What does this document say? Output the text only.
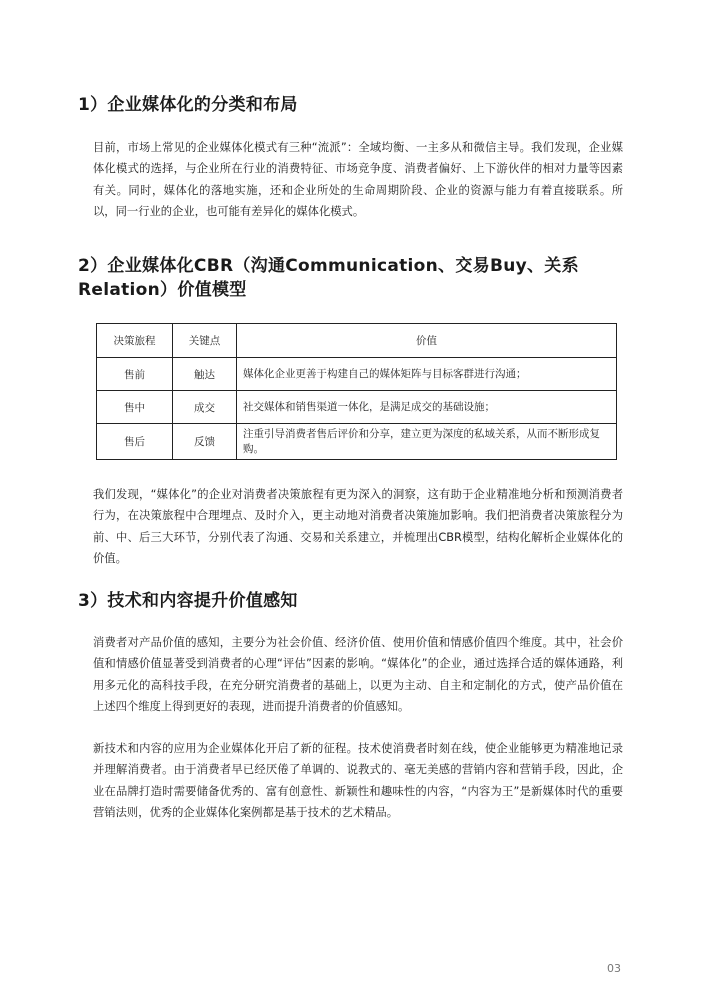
1）企业媒体化的分类和布局
目前，市场上常见的企业媒体化模式有三种“流派”：全域均衡、一主多从和微信主导。我们发现，企业媒体化模式的选择，与企业所在行业的消费特征、市场竞争度、消费者偏好、上下游伙伴的相对力量等因素有关。同时，媒体化的落地实施，还和企业所处的生命周期阶段、企业的资源与能力有着直接联系。所以，同一行业的企业，也可能有差异化的媒体化模式。
2）企业媒体化CBR（沟通Communication、交易Buy、关系Relation）价值模型
决策旅程	关键点	价值
售前	触达	媒体化企业更善于构建自己的媒体矩阵与目标客群进行沟通；
售中	成交	社交媒体和销售渠道一体化，是满足成交的基础设施；
售后	反馈	注重引导消费者售后评价和分享，建立更为深度的私域关系，从而不断形成复购。
我们发现，“媒体化”的企业对消费者决策旅程有更为深入的洞察，这有助于企业精准地分析和预测消费者行为，在决策旅程中合理埋点、及时介入，更主动地对消费者决策施加影响。我们把消费者决策旅程分为前、中、后三大环节，分别代表了沟通、交易和关系建立，并梳理出CBR模型，结构化解析企业媒体化的价值。
3）技术和内容提升价值感知
消费者对产品价值的感知，主要分为社会价值、经济价值、使用价值和情感价值四个维度。其中，社会价值和情感价值显著受到消费者的心理“评估”因素的影响。“媒体化”的企业，通过选择合适的媒体通路，利用多元化的高科技手段，在充分研究消费者的基础上，以更为主动、自主和定制化的方式，使产品价值在上述四个维度上得到更好的表现，进而提升消费者的价值感知。
新技术和内容的应用为企业媒体化开启了新的征程。技术使消费者时刻在线，使企业能够更为精准地记录并理解消费者。由于消费者早已经厌倦了单调的、说教式的、毫无美感的营销内容和营销手段，因此，企业在品牌打造时需要储备优秀的、富有创意性、新颖性和趣味性的内容，“内容为王”是新媒体时代的重要营销法则，优秀的企业媒体化案例都是基于技术的艺术精品。
03
